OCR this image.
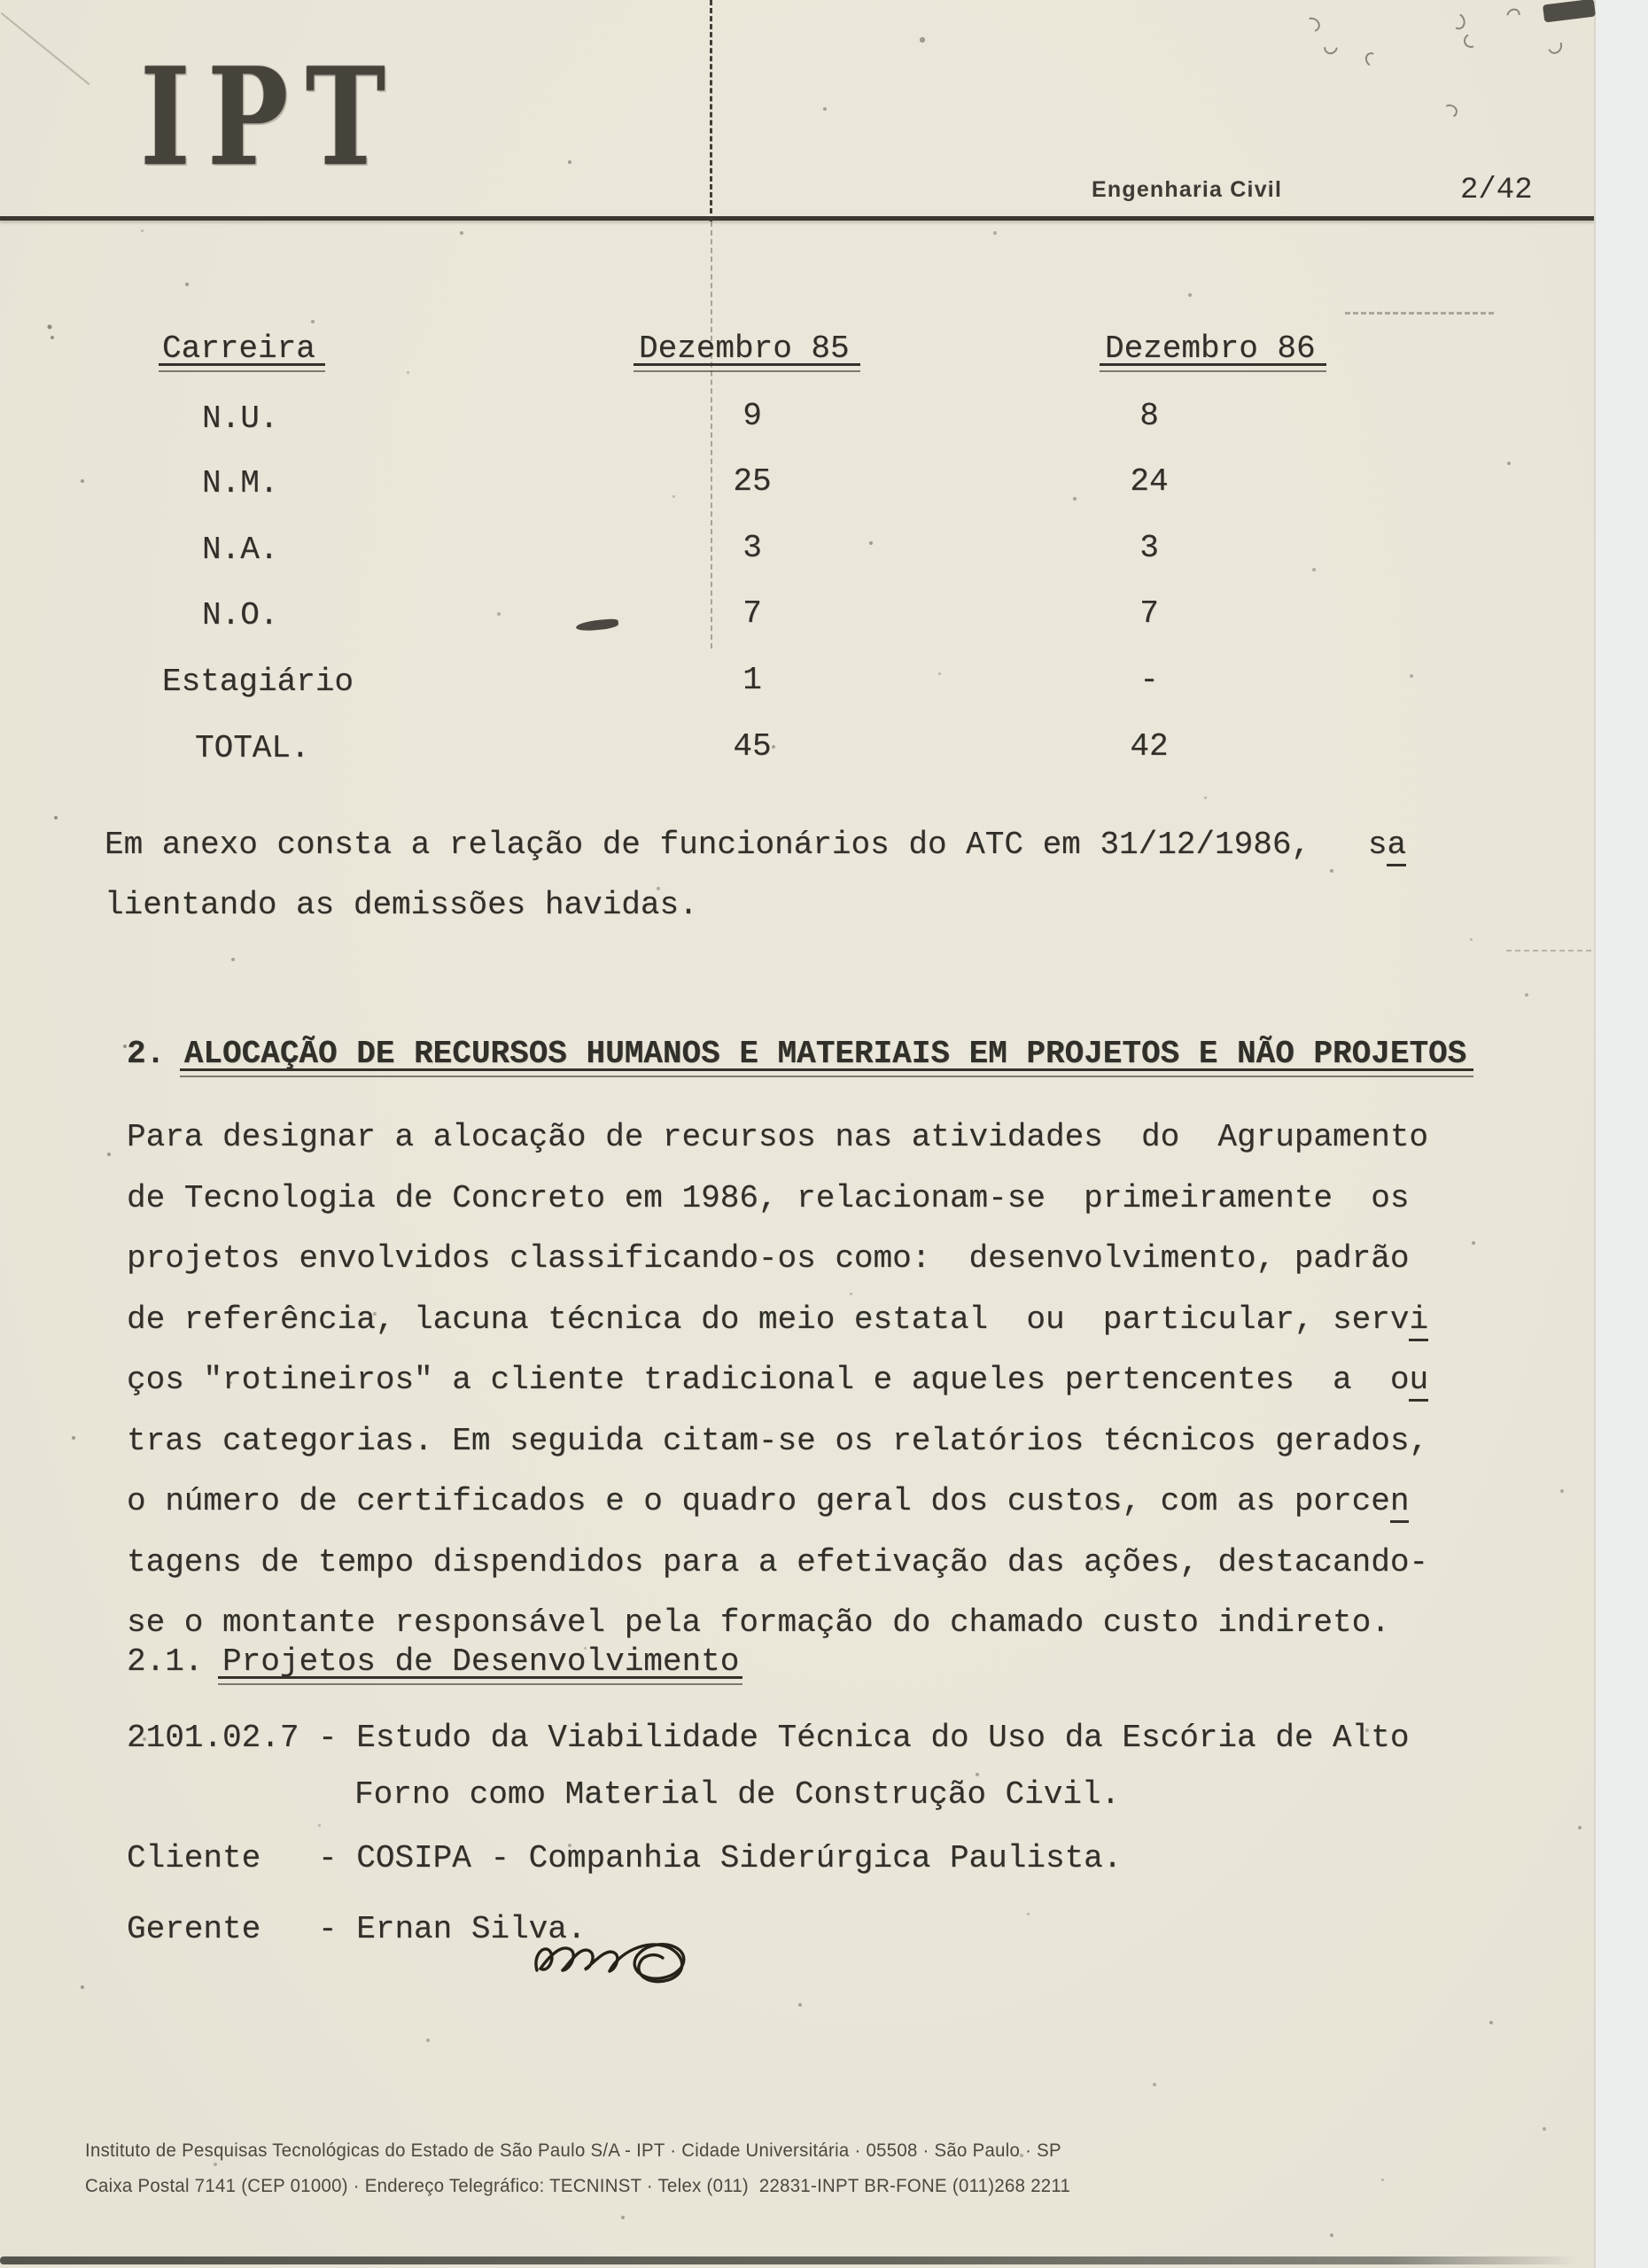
IPT	Engenharia Civil	2/42
Carreira	Dezembro 85	Dezembro 86
N.U.	9	8
N.M.	25	24
N.A.	3	3
N.O.	7	7
Estagiário	1	-
TOTAL.	45	42
Em anexo consta a relação de funcionários do ATC em 31/12/1986,   sa
lientando as demissões havidas.
2. ALOCAÇÃO DE RECURSOS HUMANOS E MATERIAIS EM PROJETOS E NÃO PROJETOS
Para designar a alocação de recursos nas atividades  do  Agrupamento
de Tecnologia de Concreto em 1986, relacionam-se  primeiramente  os
projetos envolvidos classificando-os como:  desenvolvimento, padrão
de referência, lacuna técnica do meio estatal  ou  particular, servi
ços "rotineiros" a cliente tradicional e aqueles pertencentes  a  ou
tras categorias. Em seguida citam-se os relatórios técnicos gerados,
o número de certificados e o quadro geral dos custos, com as porcen
tagens de tempo dispendidos para a efetivação das ações, destacando-
se o montante responsável pela formação do chamado custo indireto.
2.1. Projetos de Desenvolvimento
2101.02.7 - Estudo da Viabilidade Técnica do Uso da Escória de Alto
Forno como Material de Construção Civil.
Cliente   - COSIPA - Companhia Siderúrgica Paulista.
Gerente   - Ernan Silva.
Instituto de Pesquisas Tecnológicas do Estado de São Paulo S/A - IPT · Cidade Universitária · 05508 · São Paulo · SP
Caixa Postal 7141 (CEP 01000) · Endereço Telegráfico: TECNINST · Telex (011)  22831-INPT BR-FONE (011)268 2211
